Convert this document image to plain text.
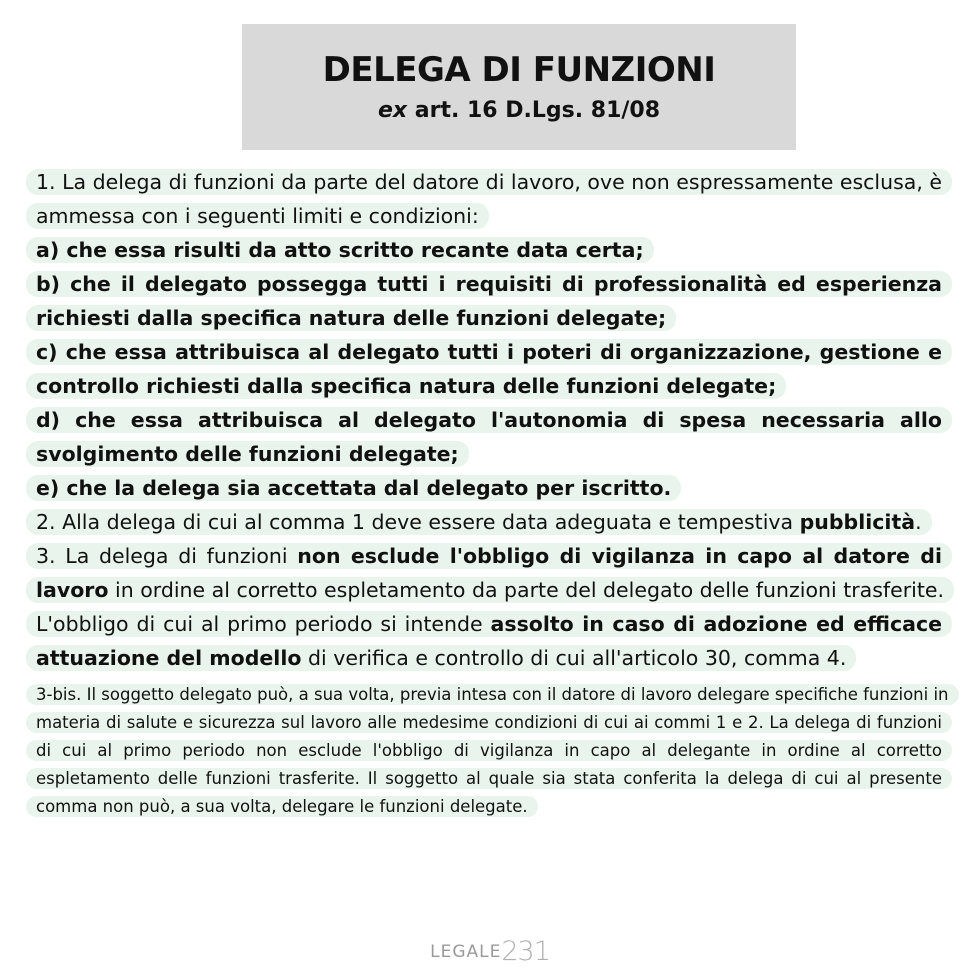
DELEGA DI FUNZIONI
ex art. 16 D.Lgs. 81/08

1. La delega di funzioni da parte del datore di lavoro, ove non espressamente esclusa, è ammessa con i seguenti limiti e condizioni:

a) che essa risulti da atto scritto recante data certa;

b) che il delegato possegga tutti i requisiti di professionalità ed esperienza richiesti dalla specifica natura delle funzioni delegate;

c) che essa attribuisca al delegato tutti i poteri di organizzazione, gestione e controllo richiesti dalla specifica natura delle funzioni delegate;

d) che essa attribuisca al delegato l'autonomia di spesa necessaria allo svolgimento delle funzioni delegate;

e) che la delega sia accettata dal delegato per iscritto.

2. Alla delega di cui al comma 1 deve essere data adeguata e tempestiva pubblicità.

3. La delega di funzioni non esclude l'obbligo di vigilanza in capo al datore di lavoro in ordine al corretto espletamento da parte del delegato delle funzioni trasferite. L'obbligo di cui al primo periodo si intende assolto in caso di adozione ed efficace attuazione del modello di verifica e controllo di cui all'articolo 30, comma 4.

3-bis. Il soggetto delegato può, a sua volta, previa intesa con il datore di lavoro delegare specifiche funzioni in materia di salute e sicurezza sul lavoro alle medesime condizioni di cui ai commi 1 e 2. La delega di funzioni di cui al primo periodo non esclude l'obbligo di vigilanza in capo al delegante in ordine al corretto espletamento delle funzioni trasferite. Il soggetto al quale sia stata conferita la delega di cui al presente comma non può, a sua volta, delegare le funzioni delegate.

LEGALE231
